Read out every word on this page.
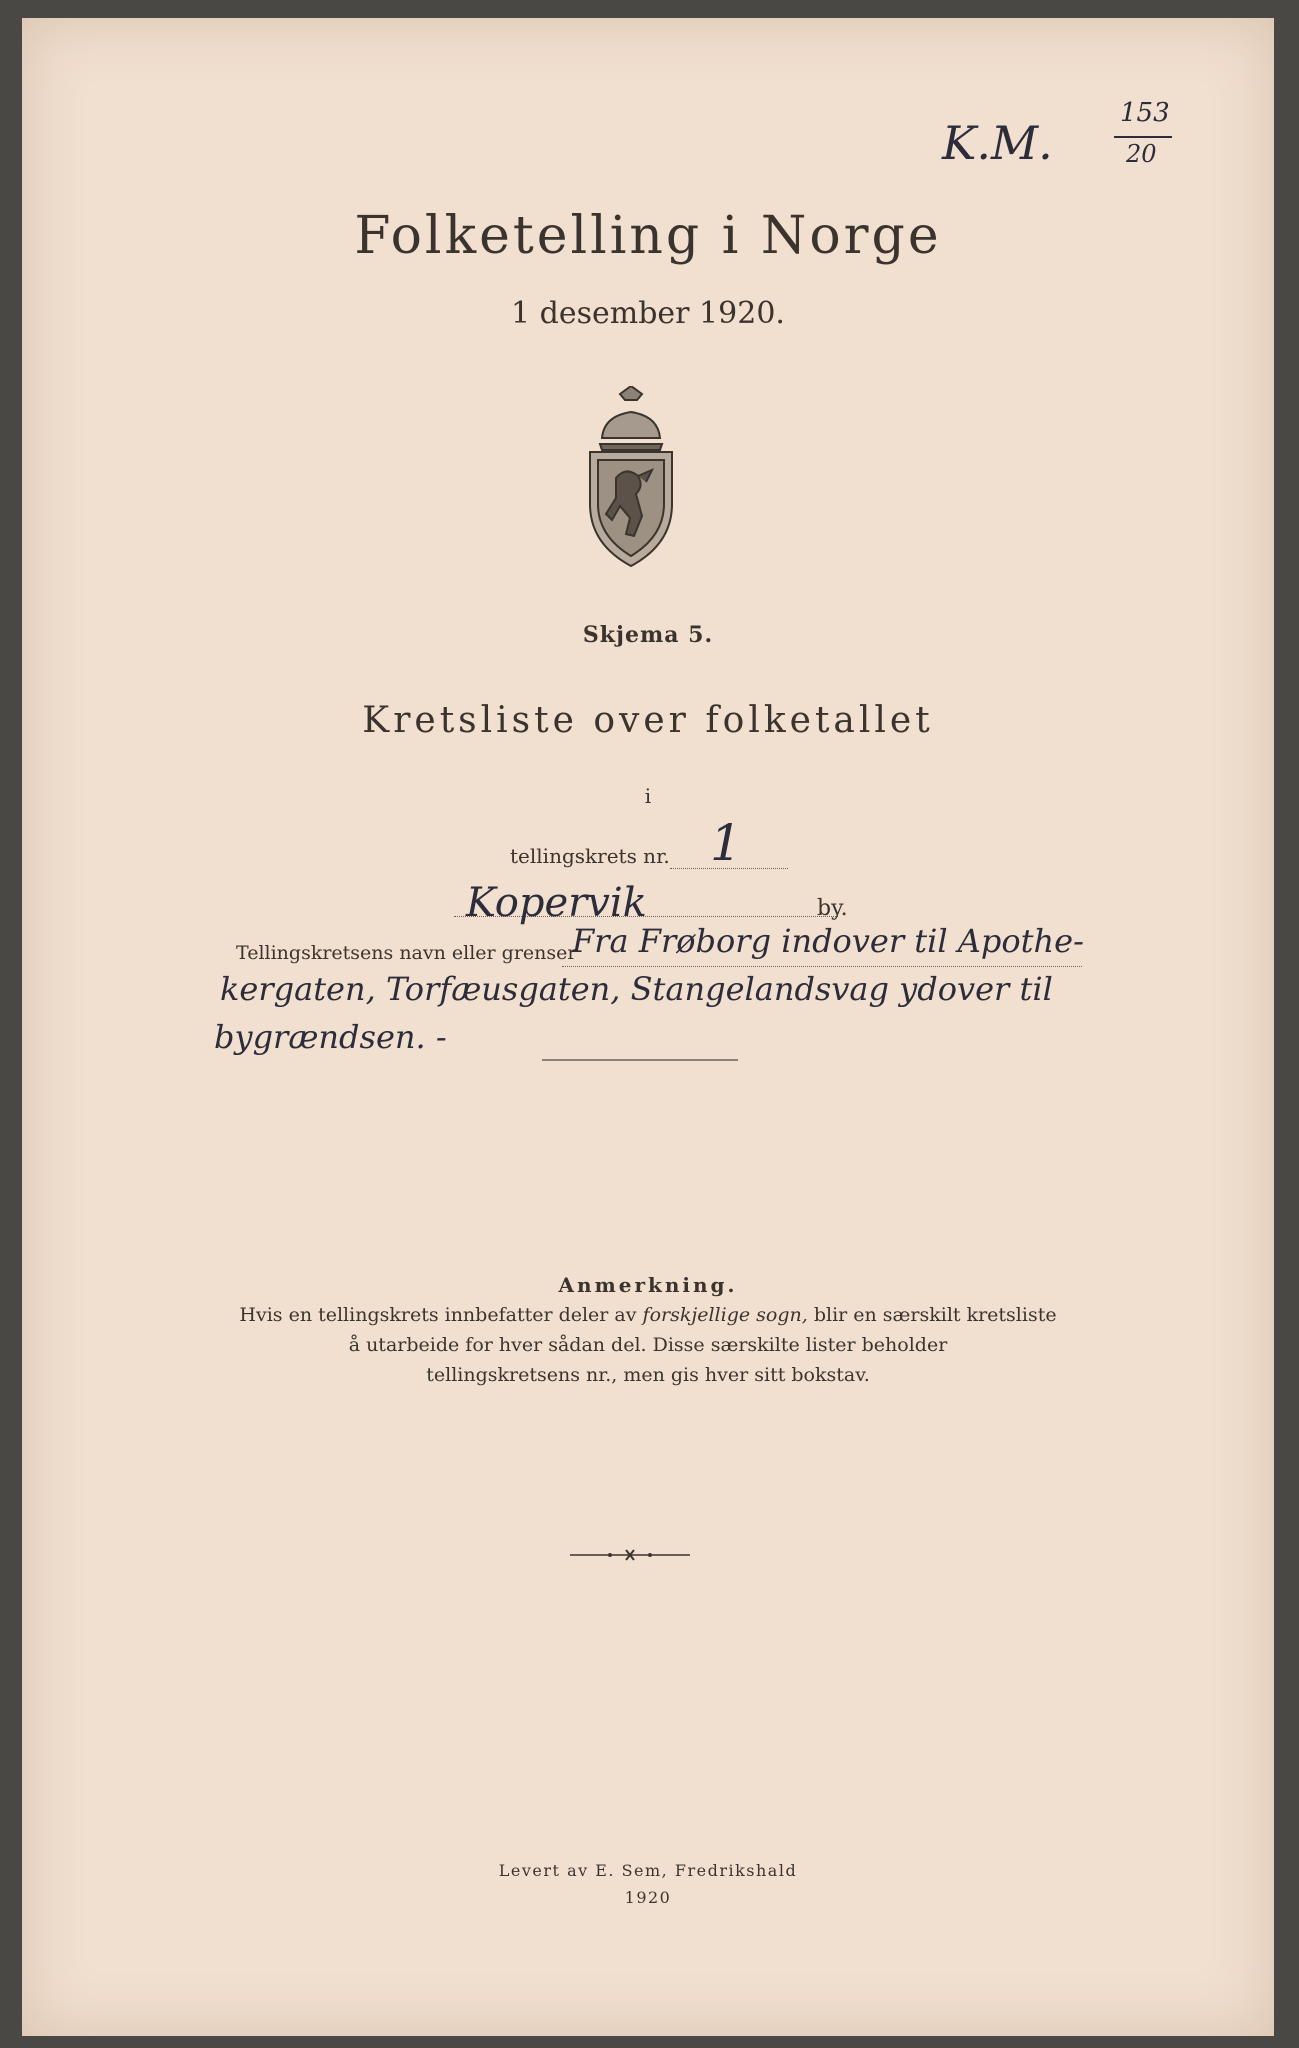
K.M.
153
20
Folketelling i Norge
1 desember 1920.
Skjema 5.
Kretsliste over folketallet
i
tellingskrets nr. 1
Kopervik	by.
Tellingskretsens navn eller grenser
Fra Frøborg indover til Apothe-
kergaten, Torfæusgaten, Stangelandsvag ydover til
bygrændsen. -
Anmerkning.
Hvis en tellingskrets innbefatter deler av forskjellige sogn, blir en særskilt kretsliste
å utarbeide for hver sådan del. Disse særskilte lister beholder
tellingskretsens nr., men gis hver sitt bokstav.
Levert av E. Sem, Fredrikshald
1920
